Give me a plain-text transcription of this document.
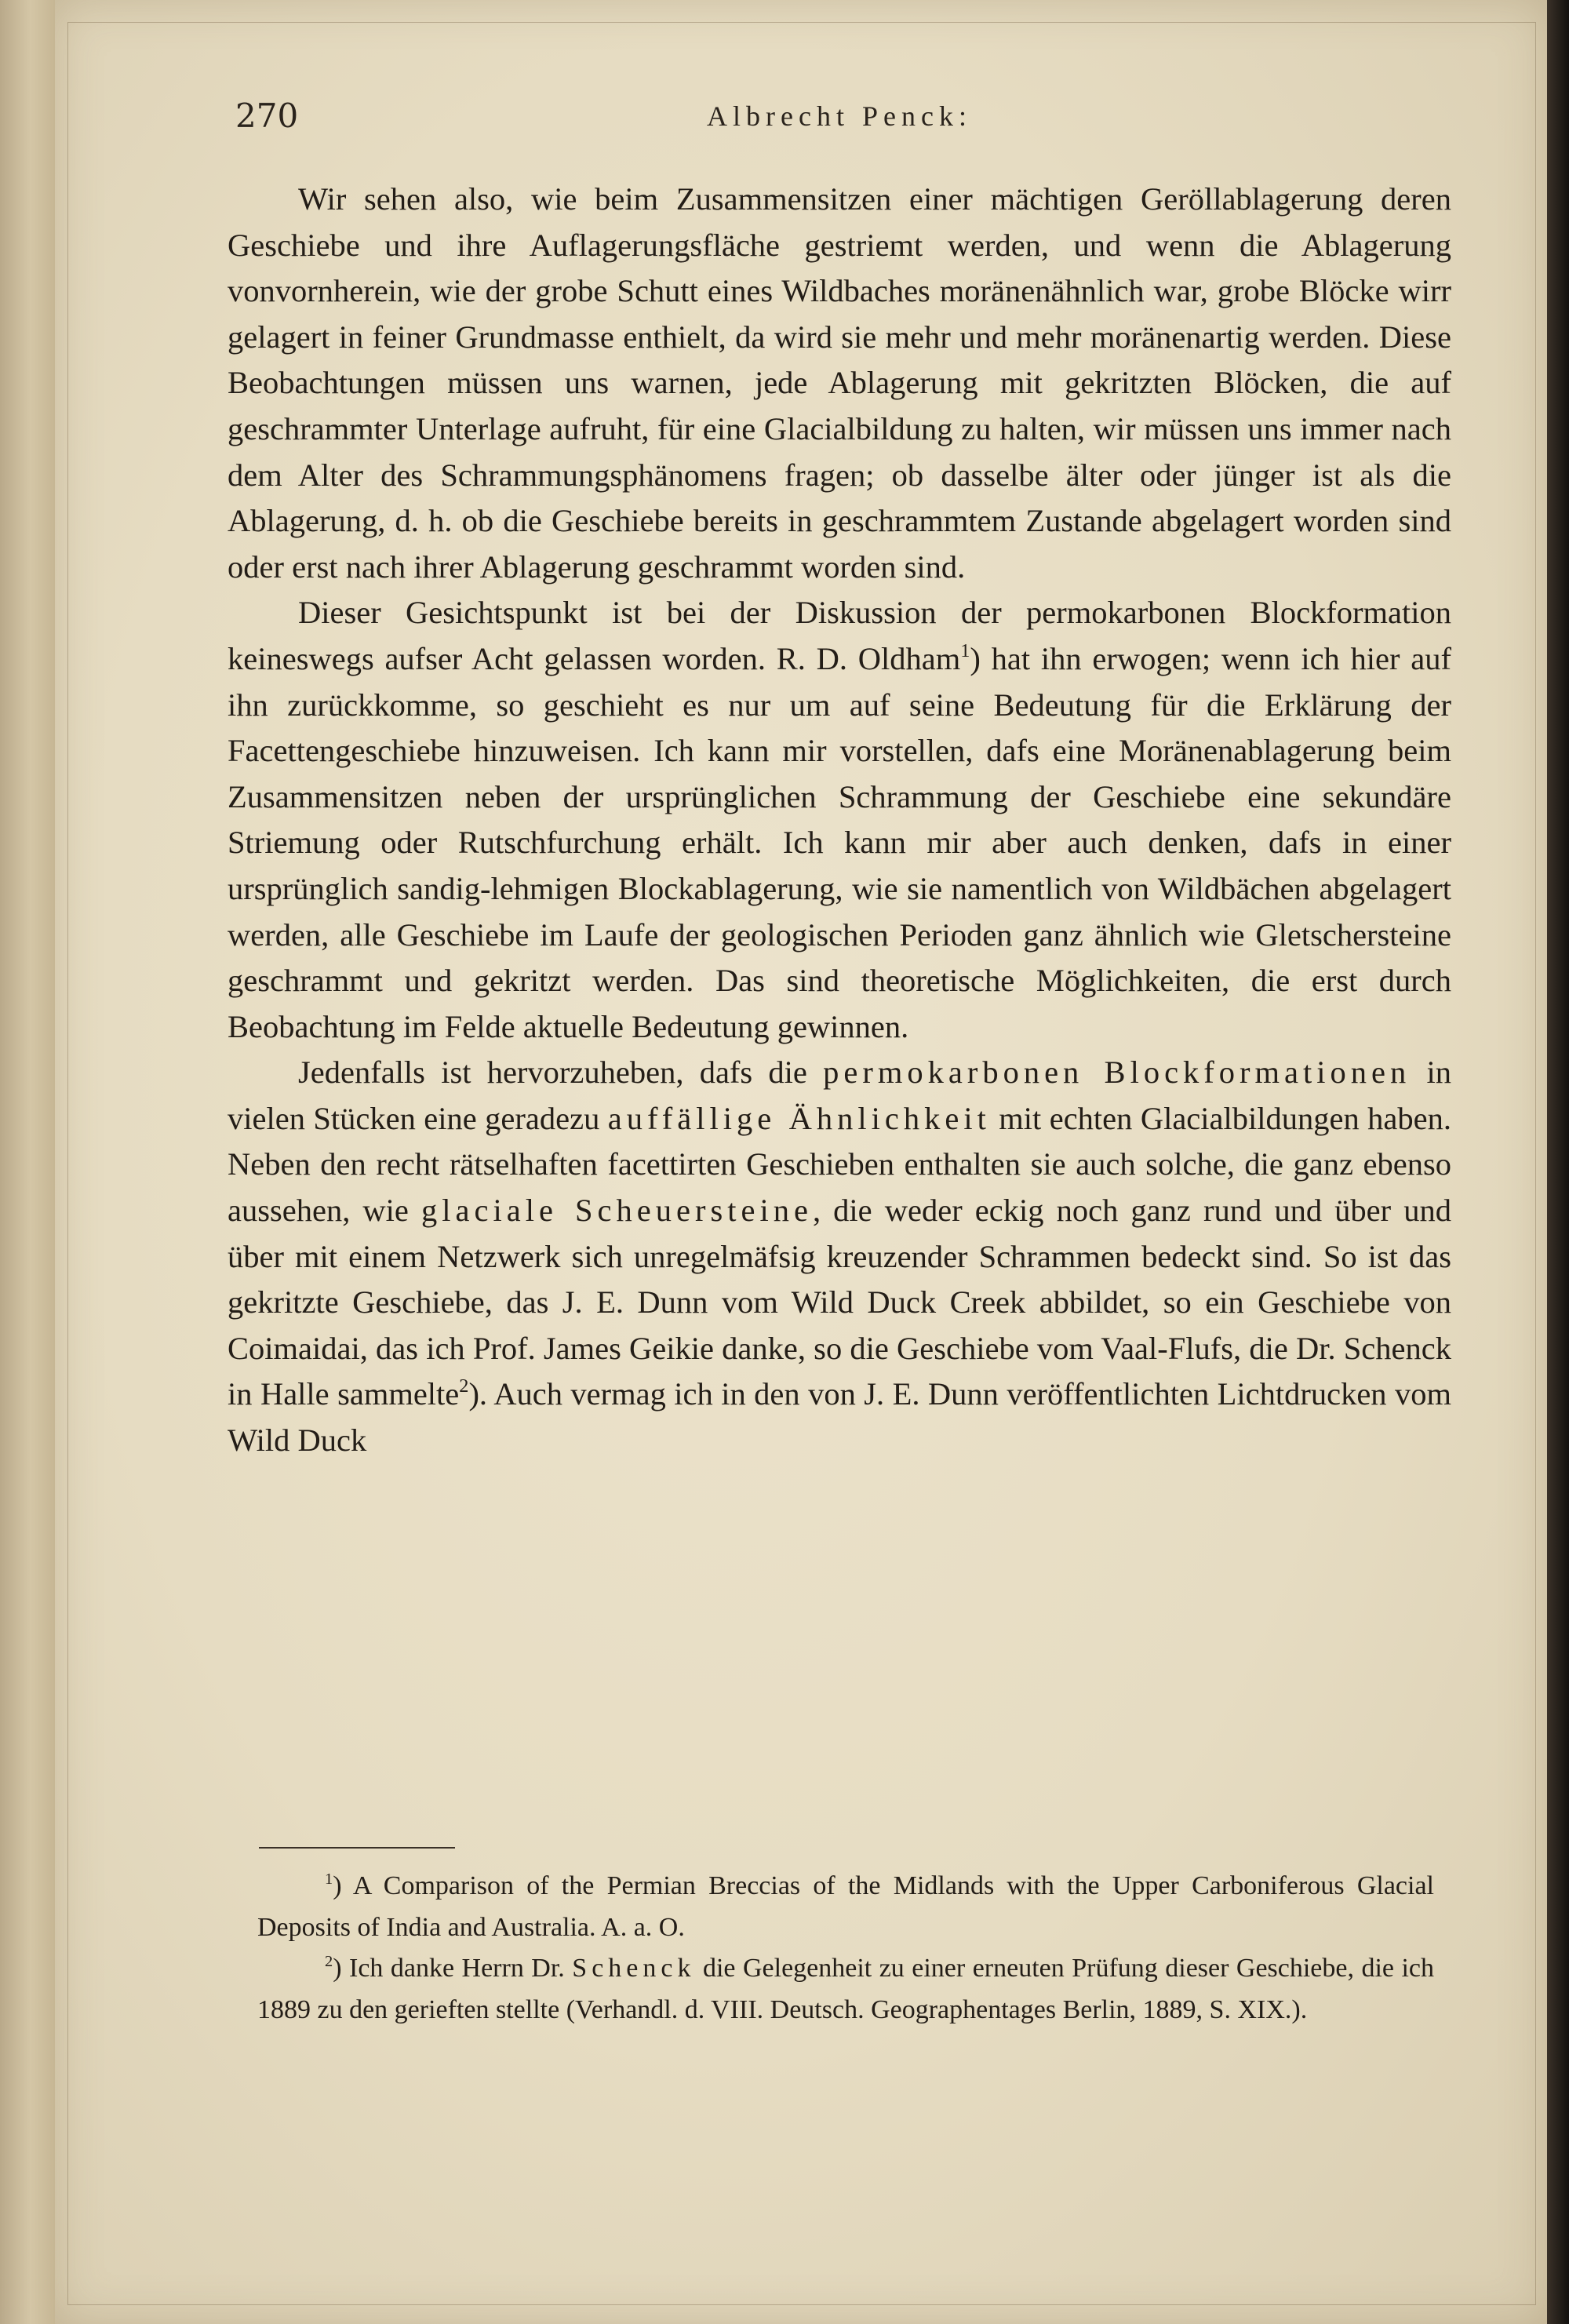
270	Albrecht Penck:

Wir sehen also, wie beim Zusammensitzen einer mächtigen Geröllablagerung deren Geschiebe und ihre Auflagerungsfläche gestriemt werden, und wenn die Ablagerung vonvornherein, wie der grobe Schutt eines Wildbaches moränenähnlich war, grobe Blöcke wirr gelagert in feiner Grundmasse enthielt, da wird sie mehr und mehr moränenartig werden. Diese Beobachtungen müssen uns warnen, jede Ablagerung mit gekritzten Blöcken, die auf geschrammter Unterlage aufruht, für eine Glacialbildung zu halten, wir müssen uns immer nach dem Alter des Schrammungsphänomens fragen; ob dasselbe älter oder jünger ist als die Ablagerung, d. h. ob die Geschiebe bereits in geschrammtem Zustande abgelagert worden sind oder erst nach ihrer Ablagerung geschrammt worden sind.

Dieser Gesichtspunkt ist bei der Diskussion der permokarbonen Blockformation keineswegs aufser Acht gelassen worden. R. D. Oldham$^1$) hat ihn erwogen; wenn ich hier auf ihn zurückkomme, so geschieht es nur um auf seine Bedeutung für die Erklärung der Facettengeschiebe hinzuweisen. Ich kann mir vorstellen, dafs eine Moränenablagerung beim Zusammensitzen neben der ursprünglichen Schrammung der Geschiebe eine sekundäre Striemung oder Rutschfurchung erhält. Ich kann mir aber auch denken, dafs in einer ursprünglich sandig-lehmigen Blockablagerung, wie sie namentlich von Wildbächen abgelagert werden, alle Geschiebe im Laufe der geologischen Perioden ganz ähnlich wie Gletschersteine geschrammt und gekritzt werden. Das sind theoretische Möglichkeiten, die erst durch Beobachtung im Felde aktuelle Bedeutung gewinnen.

Jedenfalls ist hervorzuheben, dafs die permokarbonen Blockformationen in vielen Stücken eine geradezu auffällige Ähnlichkeit mit echten Glacialbildungen haben. Neben den recht rätselhaften facettirten Geschieben enthalten sie auch solche, die ganz ebenso aussehen, wie glaciale Scheuersteine, die weder eckig noch ganz rund und über und über mit einem Netzwerk sich unregelmäfsig kreuzender Schrammen bedeckt sind. So ist das gekritzte Geschiebe, das J. E. Dunn vom Wild Duck Creek abbildet, so ein Geschiebe von Coimaidai, das ich Prof. James Geikie danke, so die Geschiebe vom Vaal-Flufs, die Dr. Schenck in Halle sammelte$^2$). Auch vermag ich in den von J. E. Dunn veröffentlichten Lichtdrucken vom Wild Duck

$^1$) A Comparison of the Permian Breccias of the Midlands with the Upper Carboniferous Glacial Deposits of India and Australia. A. a. O.

$^2$) Ich danke Herrn Dr. Schenck die Gelegenheit zu einer erneuten Prüfung dieser Geschiebe, die ich 1889 zu den gerieften stellte (Verhandl. d. VIII. Deutsch. Geographentages Berlin, 1889, S. XIX.).
